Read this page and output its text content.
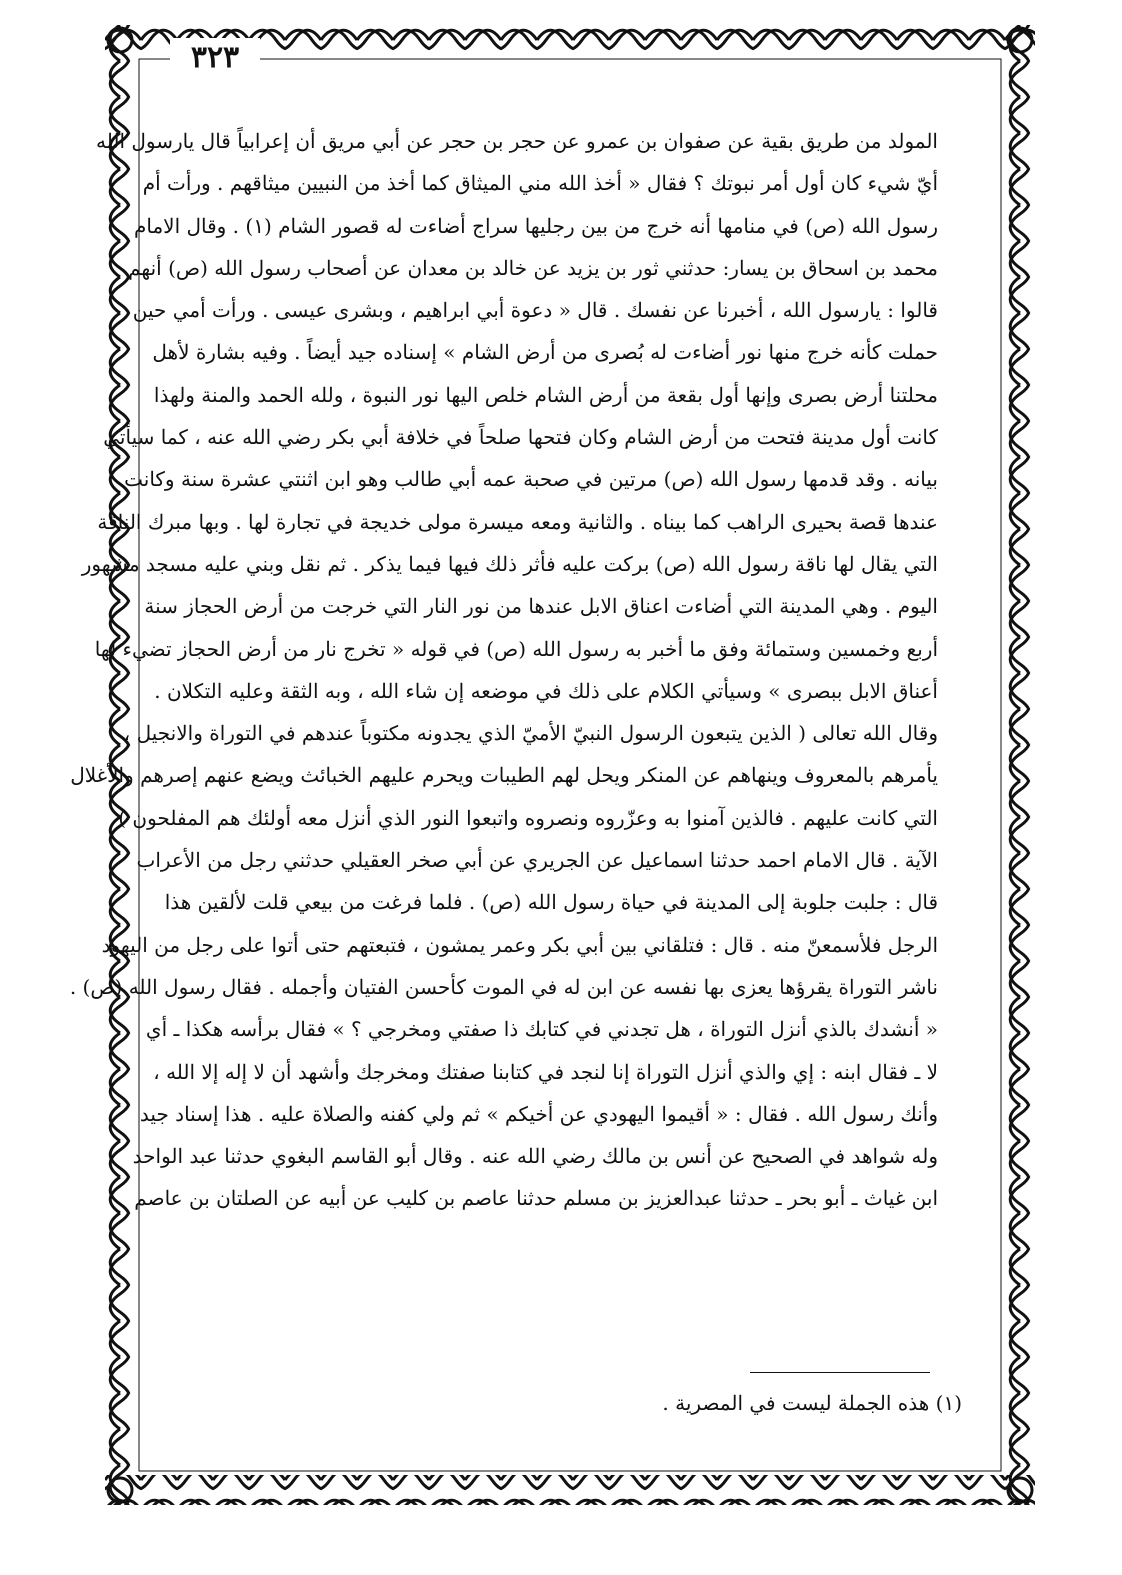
٣٢٣
المولد من طريق بقية عن صفوان بن عمرو عن حجر بن حجر عن أبي مريق أن إعرابياً قال يارسول الله
أيّ شيء كان أول أمر نبوتك ؟ فقال « أخذ الله مني الميثاق كما أخذ من النبيين ميثاقهم . ورأت أم
رسول الله (ص) في منامها أنه خرج من بين رجليها سراج أضاءت له قصور الشام (١) . وقال الامام
محمد بن اسحاق بن يسار: حدثني ثور بن يزيد عن خالد بن معدان عن أصحاب رسول الله (ص) أنهم
قالوا : يارسول الله ، أخبرنا عن نفسك . قال « دعوة أبي ابراهيم ، وبشرى عيسى . ورأت أمي حين
حملت كأنه خرج منها نور أضاءت له بُصرى من أرض الشام » إسناده جيد أيضاً . وفيه بشارة لأهل
محلتنا أرض بصرى وإنها أول بقعة من أرض الشام خلص اليها نور النبوة ، ولله الحمد والمنة ولهذا
كانت أول مدينة فتحت من أرض الشام وكان فتحها صلحاً في خلافة أبي بكر رضي الله عنه ، كما سيأتي
بيانه . وقد قدمها رسول الله (ص) مرتين في صحبة عمه أبي طالب وهو ابن اثنتي عشرة سنة وكانت
عندها قصة بحيرى الراهب كما بيناه . والثانية ومعه ميسرة مولى خديجة في تجارة لها . وبها مبرك الناقة
التي يقال لها ناقة رسول الله (ص) بركت عليه فأثر ذلك فيها فيما يذكر . ثم نقل وبني عليه مسجد مشهور
اليوم . وهي المدينة التي أضاءت اعناق الابل عندها من نور النار التي خرجت من أرض الحجاز سنة
أربع وخمسين وستمائة وفق ما أخبر به رسول الله (ص) في قوله « تخرج نار من أرض الحجاز تضيء لها
أعناق الابل ببصرى » وسيأتي الكلام على ذلك في موضعه إن شاء الله ، وبه الثقة وعليه التكلان .
وقال الله تعالى ( الذين يتبعون الرسول النبيّ الأميّ الذي يجدونه مكتوباً عندهم في التوراة والانجيل ،
يأمرهم بالمعروف وينهاهم عن المنكر ويحل لهم الطيبات ويحرم عليهم الخبائث ويضع عنهم إصرهم والأغلال
التي كانت عليهم . فالذين آمنوا به وعزّروه ونصروه واتبعوا النور الذي أنزل معه أولئك هم المفلحون )
الآية . قال الامام احمد حدثنا اسماعيل عن الجريري عن أبي صخر العقيلي حدثني رجل من الأعراب
قال : جلبت جلوبة إلى المدينة في حياة رسول الله (ص) . فلما فرغت من بيعي قلت لألقين هذا
الرجل فلأسمعنّ منه . قال : فتلقاني بين أبي بكر وعمر يمشون ، فتبعتهم حتى أتوا على رجل من اليهود
ناشر التوراة يقرؤها يعزى بها نفسه عن ابن له في الموت كأحسن الفتيان وأجمله . فقال رسول الله (ص) .
« أنشدك بالذي أنزل التوراة ، هل تجدني في كتابك ذا صفتي ومخرجي ؟ » فقال برأسه هكذا ـ أي
لا ـ فقال ابنه : إي والذي أنزل التوراة إنا لنجد في كتابنا صفتك ومخرجك وأشهد أن لا إله إلا الله ،
وأنك رسول الله . فقال : « أقيموا اليهودي عن أخيكم » ثم ولي كفنه والصلاة عليه . هذا إسناد جيد
وله شواهد في الصحيح عن أنس بن مالك رضي الله عنه . وقال أبو القاسم البغوي حدثنا عبد الواحد
ابن غياث ـ أبو بحر ـ حدثنا عبدالعزيز بن مسلم حدثنا عاصم بن كليب عن أبيه عن الصلتان بن عاصم
(١) هذه الجملة ليست في المصرية .
